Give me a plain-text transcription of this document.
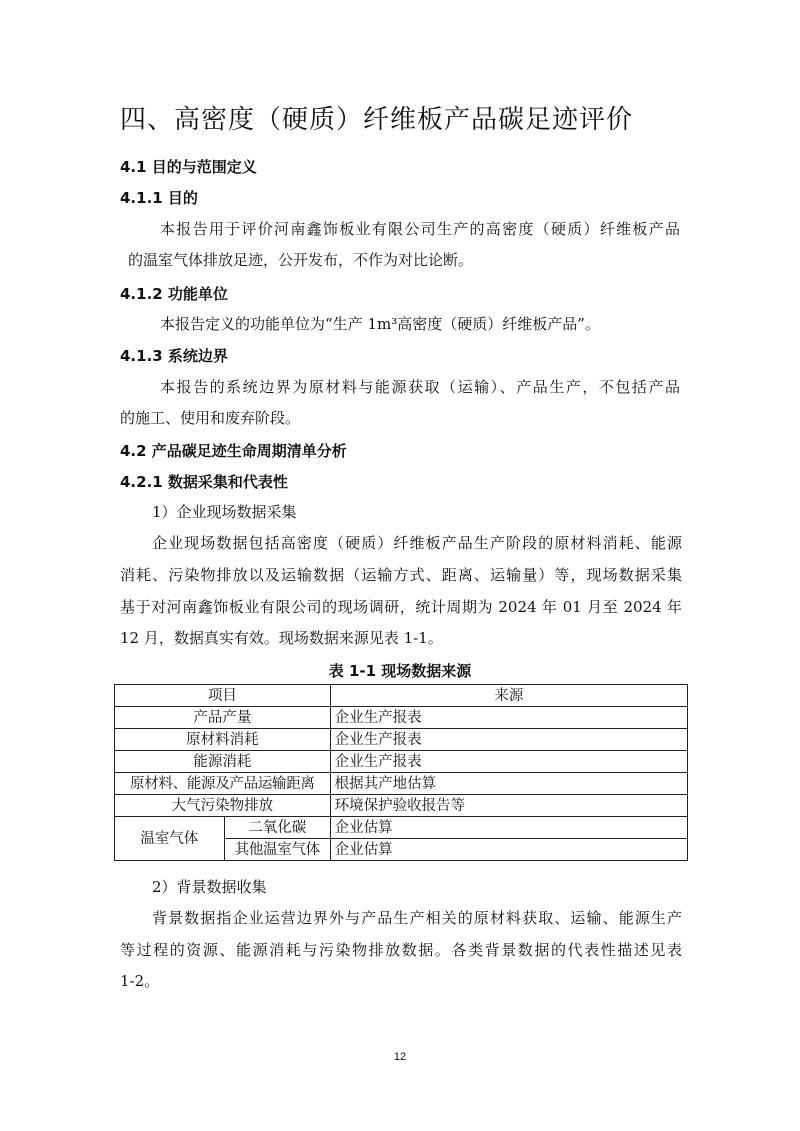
四、高密度（硬质）纤维板产品碳足迹评价
4.1 目的与范围定义
4.1.1 目的
本报告用于评价河南鑫饰板业有限公司生产的高密度（硬质）纤维板产品
的温室气体排放足迹，公开发布，不作为对比论断。
4.1.2 功能单位
本报告定义的功能单位为“生产 1m³高密度（硬质）纤维板产品”。
4.1.3 系统边界
本报告的系统边界为原材料与能源获取（运输）、产品生产，不包括产品
的施工、使用和废弃阶段。
4.2 产品碳足迹生命周期清单分析
4.2.1 数据采集和代表性
1）企业现场数据采集
企业现场数据包括高密度（硬质）纤维板产品生产阶段的原材料消耗、能源
消耗、污染物排放以及运输数据（运输方式、距离、运输量）等，现场数据采集
基于对河南鑫饰板业有限公司的现场调研，统计周期为 2024 年 01 月至 2024 年
12 月，数据真实有效。现场数据来源见表 1-1。
表 1-1 现场数据来源
项目		来源
产品产量		企业生产报表
原材料消耗		企业生产报表
能源消耗		企业生产报表
原材料、能源及产品运输距离		根据其产地估算
大气污染物排放		环境保护验收报告等
温室气体	二氧化碳	企业估算
	其他温室气体	企业估算
2）背景数据收集
背景数据指企业运营边界外与产品生产相关的原材料获取、运输、能源生产
等过程的资源、能源消耗与污染物排放数据。各类背景数据的代表性描述见表
1-2。
12
